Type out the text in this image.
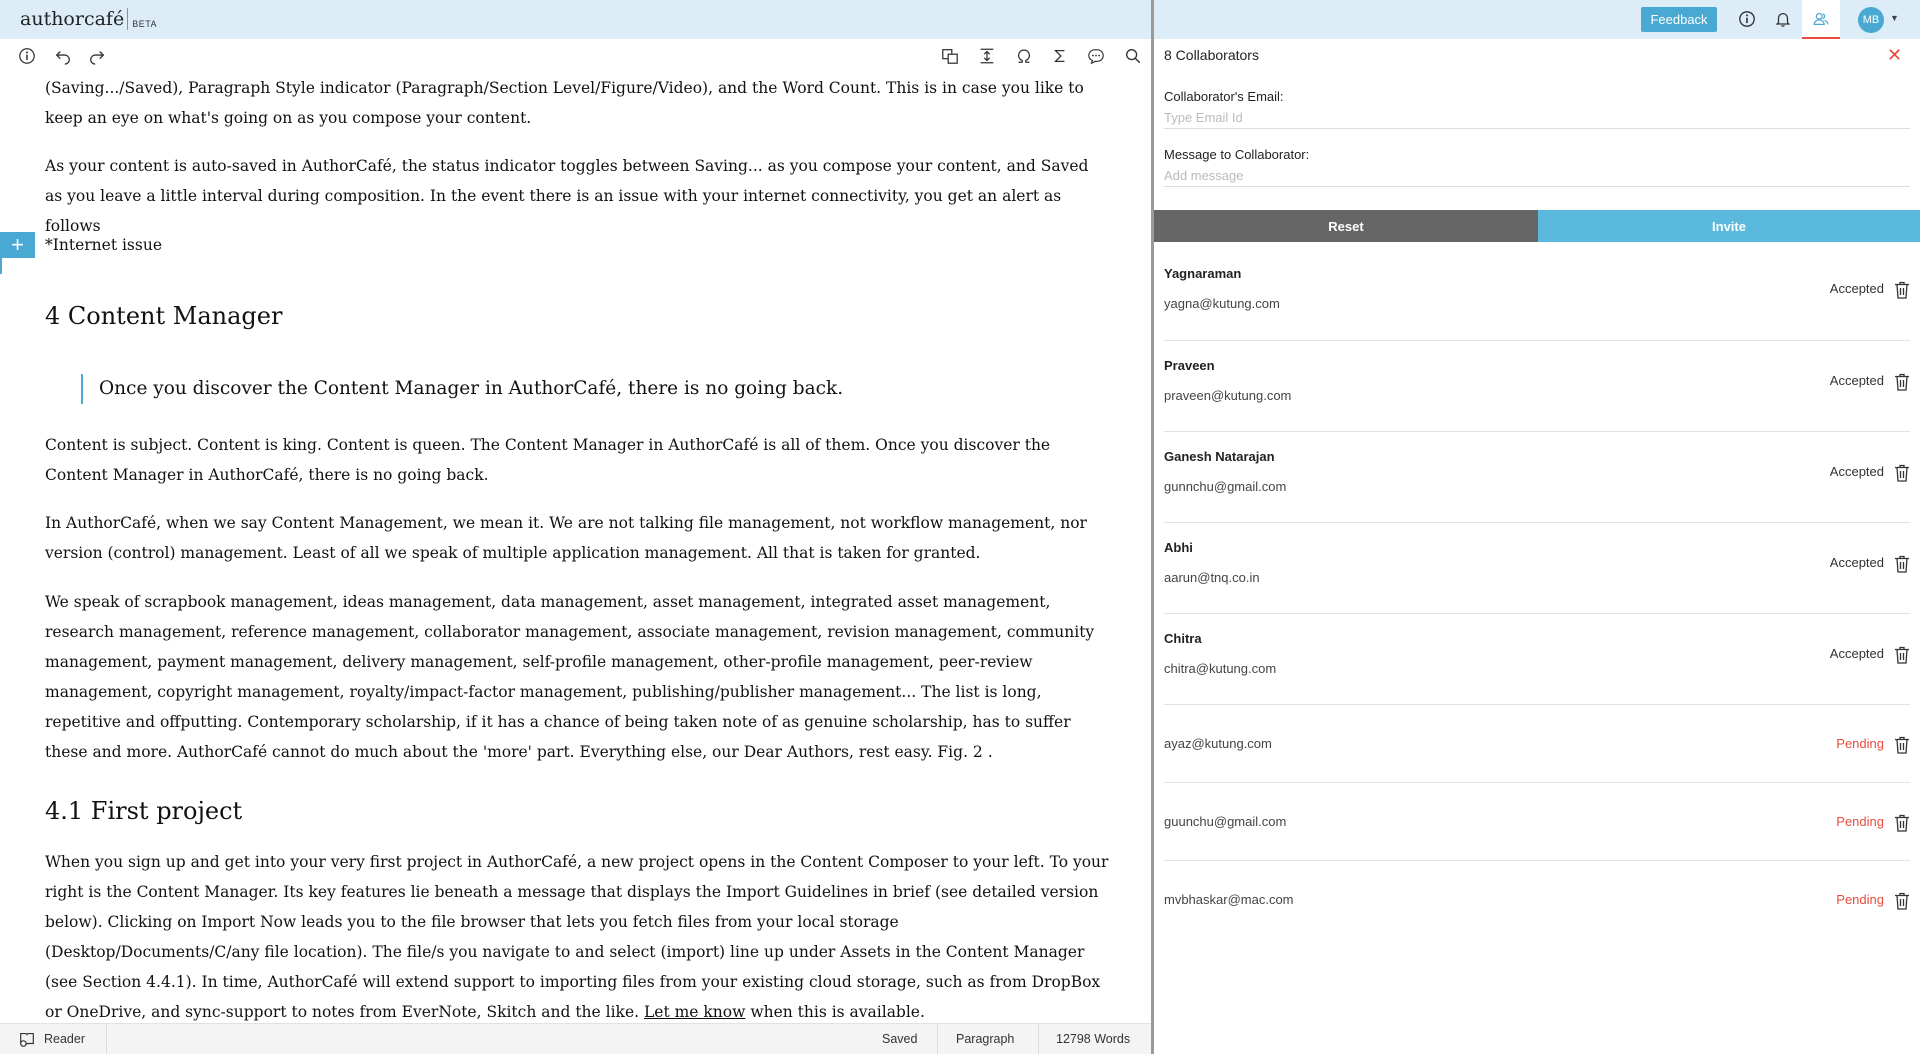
authorcafé BETA	Feedback	MB	▼
+

(Saving.../Saved), Paragraph Style indicator (Paragraph/Section Level/Figure/Video), and the Word Count. This is in case you like to keep an eye on what's going on as you compose your content.

As your content is auto-saved in AuthorCafé, the status indicator toggles between Saving... as you compose your content, and Saved as you leave a little interval during composition. In the event there is an issue with your internet connectivity, you get an alert as follows

*Internet issue

4 Content Manager
Once you discover the Content Manager in AuthorCafé, there is no going back.

Content is subject. Content is king. Content is queen. The Content Manager in AuthorCafé is all of them. Once you discover the Content Manager in AuthorCafé, there is no going back.

In AuthorCafé, when we say Content Management, we mean it. We are not talking file management, not workflow management, nor version (control) management. Least of all we speak of multiple application management. All that is taken for granted.

We speak of scrapbook management, ideas management, data management, asset management, integrated asset management, research management, reference management, collaborator management, associate management, revision management, community management, payment management, delivery management, self-profile management, other-profile management, peer-review management, copyright management, royalty/impact-factor management, publishing/publisher management... The list is long, repetitive and offputting. Contemporary scholarship, if it has a chance of being taken note of as genuine scholarship, has to suffer these and more. AuthorCafé cannot do much about the 'more' part. Everything else, our Dear Authors, rest easy. Fig. 2 .

4.1 First project

When you sign up and get into your very first project in AuthorCafé, a new project opens in the Content Composer to your left. To your right is the Content Manager. Its key features lie beneath a message that displays the Import Guidelines in brief (see detailed version below). Clicking on Import Now leads you to the file browser that lets you fetch files from your local storage (Desktop/Documents/C/any file location). The file/s you navigate to and select (import) line up under Assets in the Content Manager (see Section 4.4.1). In time, AuthorCafé will extend support to importing files from your existing cloud storage, such as from DropBox or OneDrive, and sync-support to notes from EverNote, Skitch and the like. Let me know when this is available.

Reader	Saved	Paragraph	12798 Words
8 Collaborators	✕
Collaborator's Email:
Type Email Id
Message to Collaborator:
Add message
Reset	Invite
Yagnaraman
yagna@kutung.com
Accepted
Praveen
praveen@kutung.com
Accepted
Ganesh Natarajan
gunnchu@gmail.com
Accepted
Abhi
aarun@tnq.co.in
Accepted
Chitra
chitra@kutung.com
Accepted
ayaz@kutung.com	Pending
guunchu@gmail.com	Pending
mvbhaskar@mac.com	Pending
